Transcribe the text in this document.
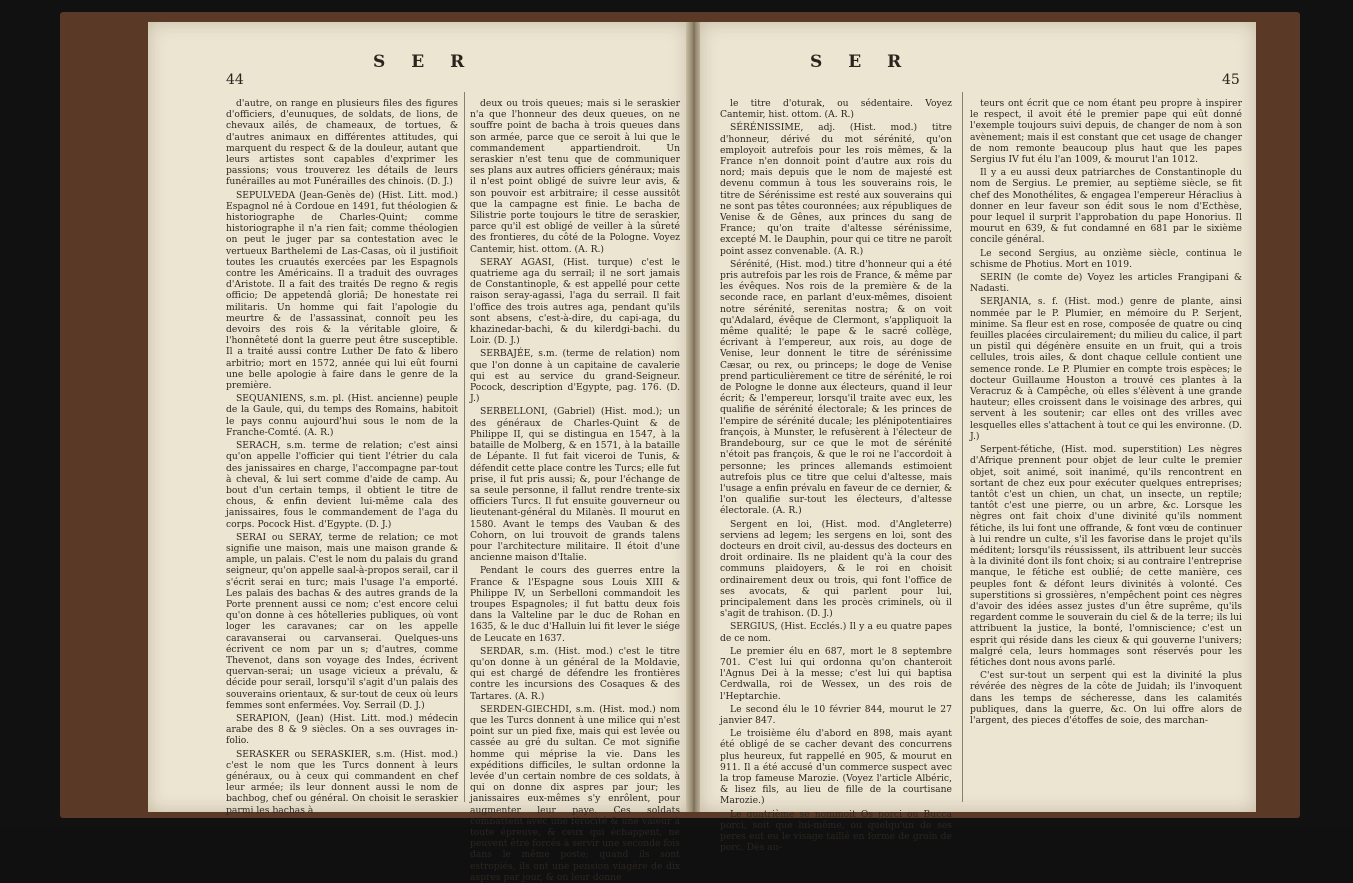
44
S E R

d'autre, on range en plusieurs files des figures d'officiers, d'eunuques, de soldats, de lions, de chevaux ailés, de chameaux, de tortues, & d'autres animaux en différentes attitudes, qui marquent du respect & de la douleur, autant que leurs artistes sont capables d'exprimer les passions; vous trouverez les détails de leurs funérailles au mot Funérailles des chinois. (D. J.)

SEPULVEDA (Jean-Genès de) (Hist. Litt. mod.) Espagnol né à Cordoue en 1491, fut théologien & historiographe de Charles-Quint; comme historiographe il n'a rien fait; comme théologien on peut le juger par sa contestation avec le vertueux Barthelemi de Las-Casas, où il justifioit toutes les cruautés exercées par les Espagnols contre les Américains. Il a traduit des ouvrages d'Aristote. Il a fait des traités De regno & regis officio; De appetendâ gloriâ; De honestate rei militaris. Un homme qui fait l'apologie du meurtre & de l'assassinat, connoît peu les devoirs des rois & la véritable gloire, & l'honnêteté dont la guerre peut être susceptible. Il a traité aussi contre Luther De fato & libero arbitrio; mort en 1572, année qui lui eût fourni une belle apologie à faire dans le genre de la première.

SEQUANIENS, s.m. pl. (Hist. ancienne) peuple de la Gaule, qui, du temps des Romains, habitoit le pays connu aujourd'hui sous le nom de la Franche-Comté. (A. R.)

SERACH, s.m. terme de relation; c'est ainsi qu'on appelle l'officier qui tient l'étrier du cala des janissaires en charge, l'accompagne par-tout à cheval, & lui sert comme d'aide de camp. Au bout d'un certain temps, il obtient le titre de chous, & enfin devient lui-même cala des janissaires, fous le commandement de l'aga du corps. Pocock Hist. d'Egypte. (D. J.)

SERAI ou SERAY, terme de relation; ce mot signifie une maison, mais une maison grande & ample, un palais. C'est le nom du palais du grand seigneur, qu'on appelle saal-à-propos serail, car il s'écrit serai en turc; mais l'usage l'a emporté. Les palais des bachas & des autres grands de la Porte prennent aussi ce nom; c'est encore celui qu'on donne à ces hôtelleries publiques, où vont loger les caravanes; car on les appelle caravanserai ou carvanserai. Quelques-uns écrivent ce nom par un s; d'autres, comme Thevenot, dans son voyage des Indes, écrivent quervan-serai; un usage vicieux a prévalu, & décide pour serail, lorsqu'il s'agit d'un palais des souverains orientaux, & sur-tout de ceux où leurs femmes sont enfermées. Voy. Serrail (D. J.)

SERAPION, (Jean) (Hist. Litt. mod.) médecin arabe des 8 & 9 siècles. On a ses ouvrages in-folio.

SERASKER ou SERASKIER, s.m. (Hist. mod.) c'est le nom que les Turcs donnent à leurs généraux, ou à ceux qui commandent en chef leur armée; ils leur donnent aussi le nom de bachbog, chef ou général. On choisit le seraskier parmi les bachas à

deux ou trois queues; mais si le seraskier n'a que l'honneur des deux queues, on ne souffre point de bacha à trois queues dans son armée, parce que ce seroit à lui que le commandement appartiendroit. Un seraskier n'est tenu que de communiquer ses plans aux autres officiers généraux; mais il n'est point obligé de suivre leur avis, & son pouvoir est arbitraire; il cesse aussitôt que la campagne est finie. Le bacha de Silistrie porte toujours le titre de seraskier, parce qu'il est obligé de veiller à la sûreté des frontieres, du côté de la Pologne. Voyez Cantemir, hist. ottom. (A. R.)

SERAY AGASI, (Hist. turque) c'est le quatrieme aga du serrail; il ne sort jamais de Constantinople, & est appellé pour cette raison seray-agassi, l'aga du serrail. Il fait l'office des trois autres aga, pendant qu'ils sont absens, c'est-à-dire, du capi-aga, du khazinedar-bachi, & du kilerdgi-bachi. du Loir. (D. J.)

SERBAJÉE, s.m. (terme de relation) nom que l'on donne à un capitaine de cavalerie qui est au service du grand-Seigneur. Pocock, description d'Egypte, pag. 176. (D. J.)

SERBELLONI, (Gabriel) (Hist. mod.); un des généraux de Charles-Quint & de Philippe II, qui se distingua en 1547, à la bataille de Molberg, & en 1571, à la bataille de Lépante. Il fut fait viceroi de Tunis, & défendit cette place contre les Turcs; elle fut prise, il fut pris aussi; &, pour l'échange de sa seule personne, il fallut rendre trente-six officiers Turcs. Il fut ensuite gouverneur ou lieutenant-général du Milanès. Il mourut en 1580. Avant le temps des Vauban & des Cohorn, on lui trouvoit de grands talens pour l'architecture militaire. Il étoit d'une ancienne maison d'Italie.

Pendant le cours des guerres entre la France & l'Espagne sous Louis XIII & Philippe IV, un Serbelloni commandoit les troupes Espagnoles; il fut battu deux fois dans la Valteline par le duc de Rohan en 1635, & le duc d'Halluin lui fit lever le siége de Leucate en 1637.

SERDAR, s.m. (Hist. mod.) c'est le titre qu'on donne à un général de la Moldavie, qui est chargé de défendre les frontières contre les incursions des Cosaques & des Tartares. (A. R.)

SERDEN-GIECHDI, s.m. (Hist. mod.) nom que les Turcs donnent à une milice qui n'est point sur un pied fixe, mais qui est levée ou cassée au gré du sultan. Ce mot signifie homme qui méprise la vie. Dans les expéditions difficiles, le sultan ordonne la levée d'un certain nombre de ces soldats, à qui on donne dix aspres par jour; les janissaires eux-mêmes s'y enrôlent, pour augmenter leur paye. Ces soldats combattent avec une férocité & une valeur à toute épreuve, & ceux qui échappent, ne peuvent être forcés à servir une seconde fois dans le même poste; quand ils sont estropiés, ils ont une pension viagère de dix aspres par jour, & on leur donne

S E R
45

le titre d'oturak, ou sédentaire. Voyez Cantemir, hist. ottom. (A. R.)

SÉRÉNISSIME, adj. (Hist. mod.) titre d'honneur, dérivé du mot sérénité, qu'on employoit autrefois pour les rois mêmes, & la France n'en donnoit point d'autre aux rois du nord; mais depuis que le nom de majesté est devenu commun à tous les souverains rois, le titre de Sérénissime est resté aux souverains qui ne sont pas têtes couronnées; aux républiques de Venise & de Gênes, aux princes du sang de France; qu'on traite d'altesse sérénissime, excepté M. le Dauphin, pour qui ce titre ne paroît point assez convenable. (A. R.)

Sérénité, (Hist. mod.) titre d'honneur qui a été pris autrefois par les rois de France, & même par les évêques. Nos rois de la première & de la seconde race, en parlant d'eux-mêmes, disoient notre sérénité, serenitas nostra; & on voit qu'Adalard, évêque de Clermont, s'appliquoit la même qualité; le pape & le sacré collège, écrivant à l'empereur, aux rois, au doge de Venise, leur donnent le titre de sérénissime Cæsar, ou rex, ou princeps; le doge de Venise prend particulièrement ce titre de sérénité, le roi de Pologne le donne aux électeurs, quand il leur écrit; & l'empereur, lorsqu'il traite avec eux, les qualifie de sérénité électorale; & les princes de l'empire de sérénité ducale; les plénipotentiaires françois, à Munster, le refusèrent à l'électeur de Brandebourg, sur ce que le mot de sérénité n'étoit pas françois, & que le roi ne l'accordoit à personne; les princes allemands estimoient autrefois plus ce titre que celui d'altesse, mais l'usage a enfin prévalu en faveur de ce dernier, & l'on qualifie sur-tout les électeurs, d'altesse électorale. (A. R.)

Sergent en loi, (Hist. mod. d'Angleterre) serviens ad legem; les sergens en loi, sont des docteurs en droit civil, au-dessus des docteurs en droit ordinaire. Ils ne plaident qu'à la cour des communs plaidoyers, & le roi en choisit ordinairement deux ou trois, qui font l'office de ses avocats, & qui parlent pour lui, principalement dans les procès criminels, où il s'agit de trahison. (D. J.)

SERGIUS, (Hist. Ecclés.) Il y a eu quatre papes de ce nom.

Le premier élu en 687, mort le 8 septembre 701. C'est lui qui ordonna qu'on chanteroit l'Agnus Dei à la messe; c'est lui qui baptisa Cerdwalla, roi de Wessex, un des rois de l'Heptarchie.

Le second élu le 10 février 844, mourut le 27 janvier 847.

Le troisième élu d'abord en 898, mais ayant été obligé de se cacher devant des concurrens plus heureux, fut rappellé en 905, & mourut en 911. Il a été accusé d'un commerce suspect avec la trop fameuse Marozie. (Voyez l'article Albéric, & lisez fils, au lieu de fille de la courtisane Marozie.)

Le quatrième se nommoit Os porci ou Bucca porci, soit que lui-même, ou quelqu'un de ses peres eut eu le visage taillé en forme de groin de porc. Dès au-

teurs ont écrit que ce nom étant peu propre à inspirer le respect, il avoit été le premier pape qui eût donné l'exemple toujours suivi depuis, de changer de nom à son avènement; mais il est constant que cet usage de changer de nom remonte beaucoup plus haut que les papes Sergius IV fut élu l'an 1009, & mourut l'an 1012.

Il y a eu aussi deux patriarches de Constantinople du nom de Sergius. Le premier, au septième siècle, se fit chef des Monothélites, & engagea l'empereur Héraclius à donner en leur faveur son édit sous le nom d'Ecthèse, pour lequel il surprit l'approbation du pape Honorius. Il mourut en 639, & fut condamné en 681 par le sixième concile général.

Le second Sergius, au onzième siècle, continua le schisme de Photius. Mort en 1019.

SERIN (le comte de) Voyez les articles Frangipani & Nadasti.

SERJANIA, s. f. (Hist. mod.) genre de plante, ainsi nommée par le P. Plumier, en mémoire du P. Serjent, minime. Sa fleur est en rose, composée de quatre ou cinq feuilles placées circulairement; du milieu du calice, il part un pistil qui dégénère ensuite en un fruit, qui a trois cellules, trois ailes, & dont chaque cellule contient une semence ronde. Le P. Plumier en compte trois espèces; le docteur Guillaume Houston a trouvé ces plantes à la Veracruz & à Campêche, où elles s'élèvent à une grande hauteur; elles croissent dans le voisinage des arbres, qui servent à les soutenir; car elles ont des vrilles avec lesquelles elles s'attachent à tout ce qui les environne. (D. J.)

Serpent-fétiche, (Hist. mod. superstition) Les nègres d'Afrique prennent pour objet de leur culte le premier objet, soit animé, soit inanimé, qu'ils rencontrent en sortant de chez eux pour exécuter quelques entreprises; tantôt c'est un chien, un chat, un insecte, un reptile; tantôt c'est une pierre, ou un arbre, &c. Lorsque les nègres ont fait choix d'une divinité qu'ils nomment fétiche, ils lui font une offrande, & font vœu de continuer à lui rendre un culte, s'il les favorise dans le projet qu'ils méditent; lorsqu'ils réussissent, ils attribuent leur succès à la divinité dont ils font choix; si au contraire l'entreprise manque, le fétiche est oublié; de cette manière, ces peuples font & défont leurs divinités à volonté. Ces superstitions si grossières, n'empêchent point ces nègres d'avoir des idées assez justes d'un être suprême, qu'ils regardent comme le souverain du ciel & de la terre; ils lui attribuent la justice, la bonté, l'omniscience; c'est un esprit qui réside dans les cieux & qui gouverne l'univers; malgré cela, leurs hommages sont réservés pour les fétiches dont nous avons parlé.

C'est sur-tout un serpent qui est la divinité la plus révérée des nègres de la côte de Juidah; ils l'invoquent dans les temps de sécheresse, dans les calamités publiques, dans la guerre, &c. On lui offre alors de l'argent, des pieces d'étoffes de soie, des marchan-
